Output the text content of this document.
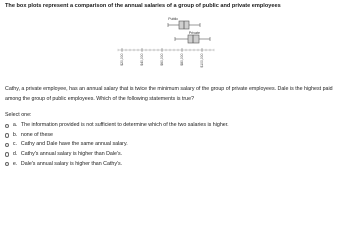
The box plots represent a comparison of the annual salaries of a group of public and private employees
Public
Private
$20,000	$40,000	$60,000	$80,000	$100,000
Cathy, a private employee, has an annual salary that is twice the minimum salary of the group of private employees. Dale is the highest paid among the group of public employees. Which of the following statements is true?
Select one:
a. The information provided is not sufficient to determine which of the two salaries is higher.
b. none of these
c. Cathy and Dale have the same annual salary.
d. Cathy's annual salary is higher than Dale's.
e. Dale's annual salary is higher than Cathy's.
